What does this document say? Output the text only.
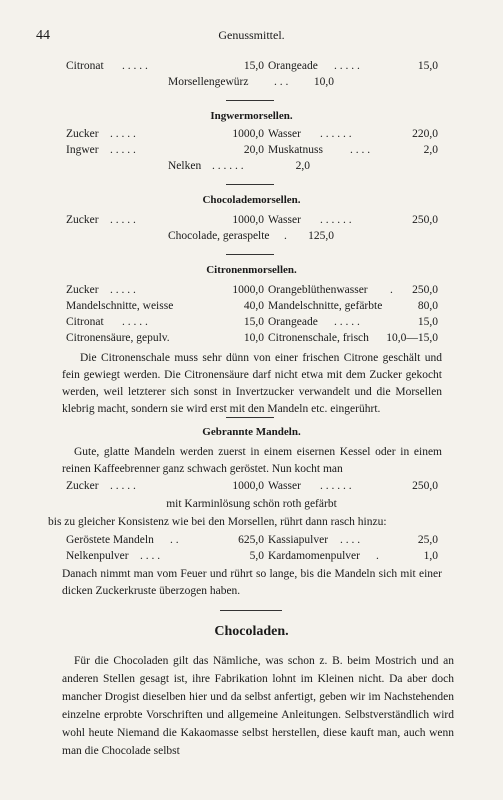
44	Genussmittel.
Citronat . . . . .	15,0 Orangeade . . . . .	15,0
Morsellengewürz . . .	10,0
Ingwermorsellen.
Zucker . . . . .	1000,0 Wasser . . . . . .	220,0
Ingwer . . . . .	20,0 Muskatnuss . . . .	2,0
Nelken . . . . . .	2,0
Chocolademorsellen.
Zucker . . . . .	1000,0 Wasser . . . . . .	250,0
Chocolade, geraspelte .	125,0
Citronenmorsellen.
Zucker . . . . .	1000,0 Orangeblüthenwasser .	250,0
Mandelschnitte, weisse	40,0 Mandelschnitte, gefärbte	80,0
Citronat . . . . .	15,0 Orangeade . . . . .	15,0
Citronensäure, gepulv.	10,0 Citronenschale, frisch	10,0—15,0
Die Citronenschale muss sehr dünn von einer frischen Citrone geschält und fein gewiegt werden. Die Citronensäure darf nicht etwa mit dem Zucker gekocht werden, weil letzterer sich sonst in Invertzucker verwandelt und die Morsellen klebrig macht, sondern sie wird erst mit den Mandeln etc. eingerührt.
Gebrannte Mandeln.
Gute, glatte Mandeln werden zuerst in einem eisernen Kessel oder in einem reinen Kaffeebrenner ganz schwach geröstet. Nun kocht man
Zucker . . . . .	1000,0 Wasser . . . . . .	250,0
mit Karminlösung schön roth gefärbt
bis zu gleicher Konsistenz wie bei den Morsellen, rührt dann rasch hinzu:
Geröstete Mandeln . .	625,0 Kassiapulver . . . .	25,0
Nelkenpulver . . . .	5,0 Kardamomenpulver .	1,0
Danach nimmt man vom Feuer und rührt so lange, bis die Mandeln sich mit einer dicken Zuckerkruste überzogen haben.
Chocoladen.
Für die Chocoladen gilt das Nämliche, was schon z. B. beim Mostrich und an anderen Stellen gesagt ist, ihre Fabrikation lohnt im Kleinen nicht. Da aber doch mancher Drogist dieselben hier und da selbst anfertigt, geben wir im Nachstehenden einzelne erprobte Vorschriften und allgemeine Anleitungen. Selbstverständlich wird wohl heute Niemand die Kakaomasse selbst herstellen, diese kauft man, auch wenn man die Chocolade selbst
